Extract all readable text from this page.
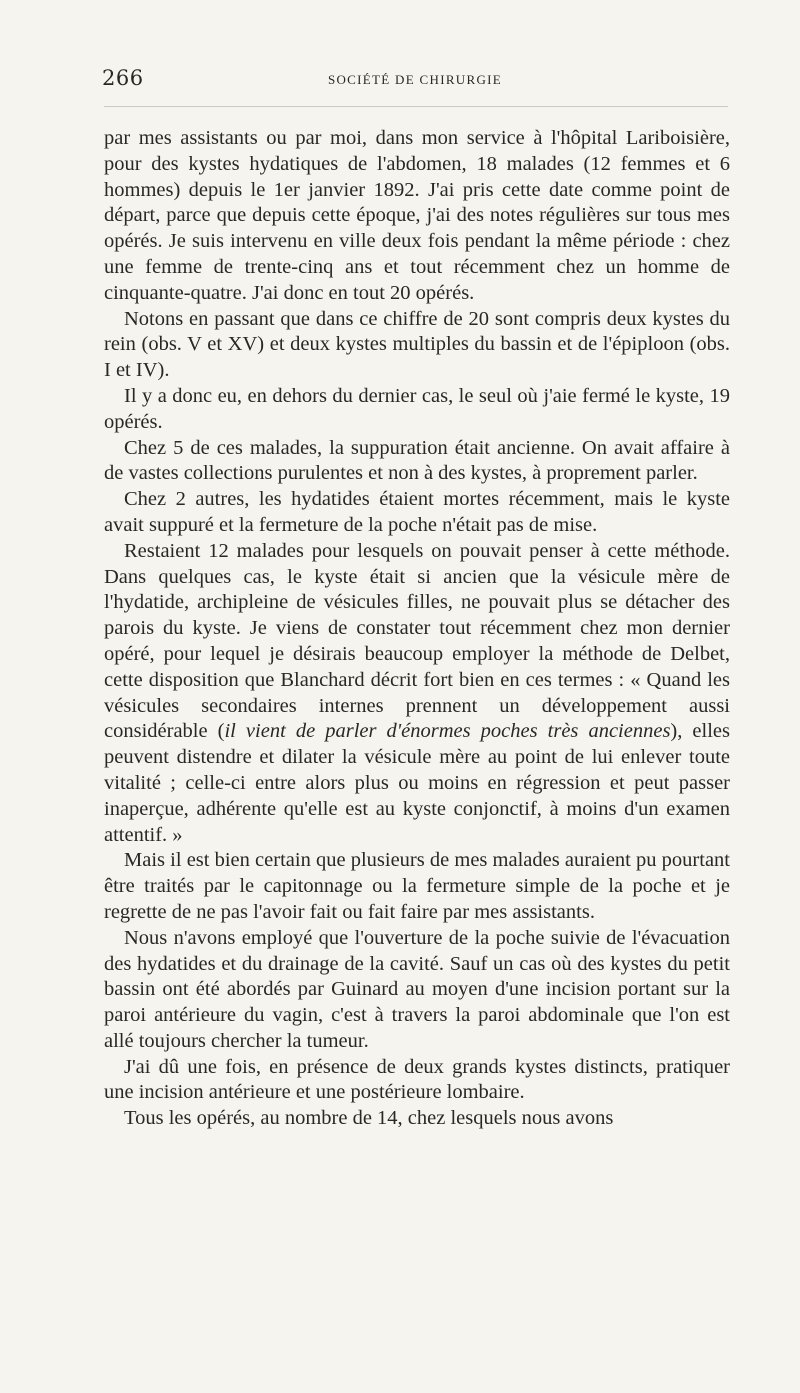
266	SOCIÉTÉ DE CHIRURGIE

par mes assistants ou par moi, dans mon service à l'hôpital Lariboisière, pour des kystes hydatiques de l'abdomen, 18 malades (12 femmes et 6 hommes) depuis le 1er janvier 1892. J'ai pris cette date comme point de départ, parce que depuis cette époque, j'ai des notes régulières sur tous mes opérés. Je suis intervenu en ville deux fois pendant la même période : chez une femme de trente-cinq ans et tout récemment chez un homme de cinquante-quatre. J'ai donc en tout 20 opérés.

Notons en passant que dans ce chiffre de 20 sont compris deux kystes du rein (obs. V et XV) et deux kystes multiples du bassin et de l'épiploon (obs. I et IV).

Il y a donc eu, en dehors du dernier cas, le seul où j'aie fermé le kyste, 19 opérés.

Chez 5 de ces malades, la suppuration était ancienne. On avait affaire à de vastes collections purulentes et non à des kystes, à proprement parler.

Chez 2 autres, les hydatides étaient mortes récemment, mais le kyste avait suppuré et la fermeture de la poche n'était pas de mise.

Restaient 12 malades pour lesquels on pouvait penser à cette méthode. Dans quelques cas, le kyste était si ancien que la vésicule mère de l'hydatide, archipleine de vésicules filles, ne pouvait plus se détacher des parois du kyste. Je viens de constater tout récemment chez mon dernier opéré, pour lequel je désirais beaucoup employer la méthode de Delbet, cette disposition que Blanchard décrit fort bien en ces termes : « Quand les vésicules secondaires internes prennent un développement aussi considérable (il vient de parler d'énormes poches très anciennes), elles peuvent distendre et dilater la vésicule mère au point de lui enlever toute vitalité ; celle-ci entre alors plus ou moins en régression et peut passer inaperçue, adhérente qu'elle est au kyste conjonctif, à moins d'un examen attentif. »

Mais il est bien certain que plusieurs de mes malades auraient pu pourtant être traités par le capitonnage ou la fermeture simple de la poche et je regrette de ne pas l'avoir fait ou fait faire par mes assistants.

Nous n'avons employé que l'ouverture de la poche suivie de l'évacuation des hydatides et du drainage de la cavité. Sauf un cas où des kystes du petit bassin ont été abordés par Guinard au moyen d'une incision portant sur la paroi antérieure du vagin, c'est à travers la paroi abdominale que l'on est allé toujours chercher la tumeur.

J'ai dû une fois, en présence de deux grands kystes distincts, pratiquer une incision antérieure et une postérieure lombaire.

Tous les opérés, au nombre de 14, chez lesquels nous avons
